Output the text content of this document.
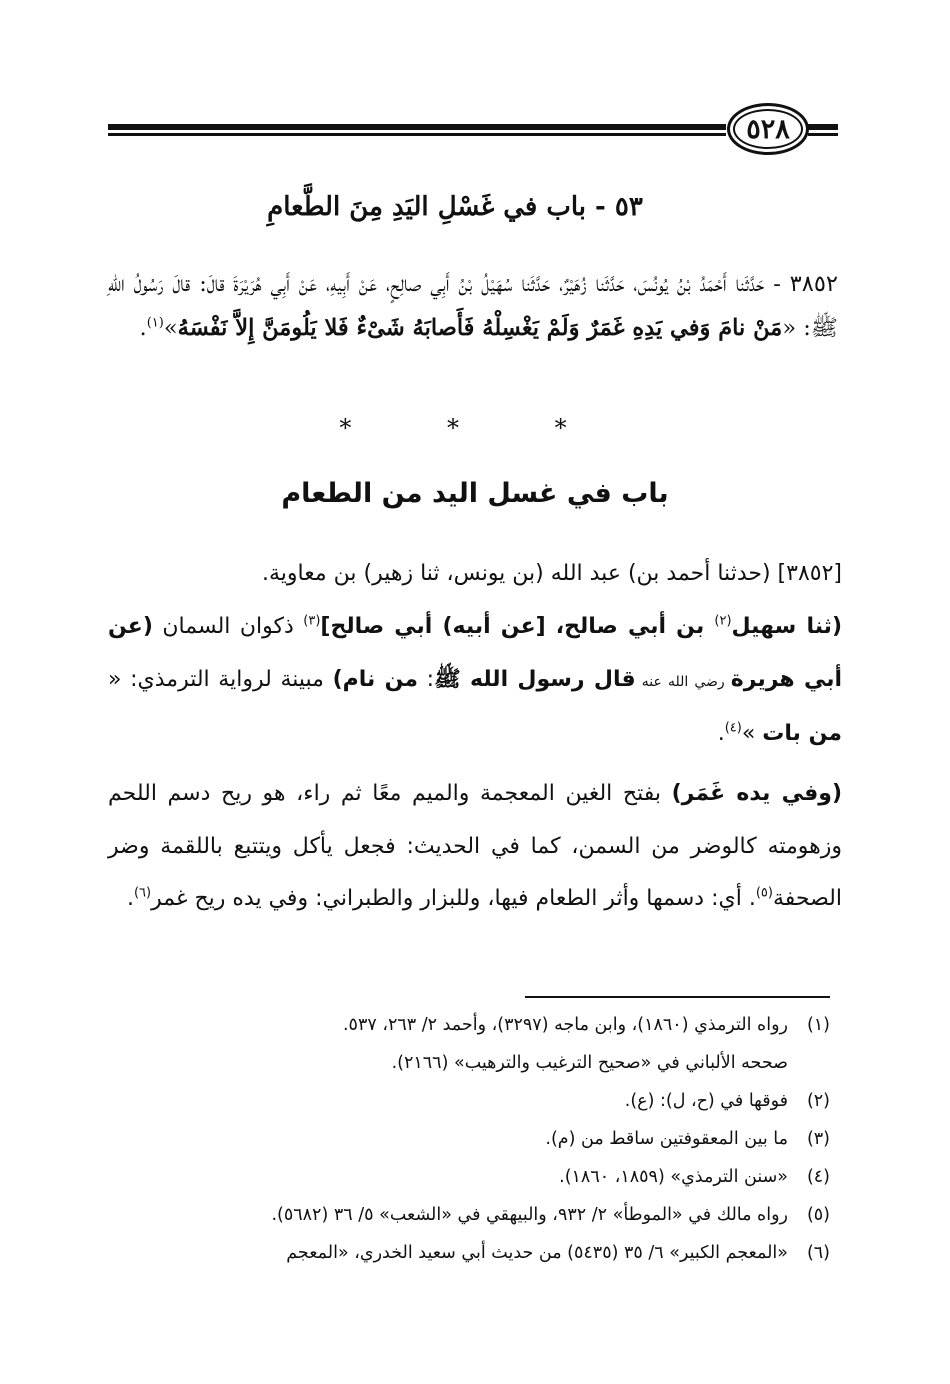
٥٢٨
٥٣ - باب في غَسْلِ اليَدِ مِنَ الطَّعامِ
٣٨٥٢ - حَدَّثَنا أَحْمَدُ بْنُ يُونُسَ، حَدَّثَنا زُهَيْرٌ، حَدَّثَنا سُهَيْلُ بْنُ أَبِي صالِحٍ، عَنْ أَبِيهِ، عَنْ أَبِي هُرَيْرَةَ قالَ: قالَ رَسُولُ اللهِ ﷺ: «مَنْ نامَ وَفي يَدِهِ غَمَرٌ وَلَمْ يَغْسِلْهُ فَأَصابَهُ شَىْءٌ فَلا يَلُومَنَّ إِلاَّ نَفْسَهُ»$^{(١)}$.
* * *
باب في غسل اليد من الطعام
[٣٨٥٢] (حدثنا أحمد بن) عبد الله (بن يونس، ثنا زهير) بن معاوية.
(ثنا سهيل$^{(٢)}$ بن أبي صالح، [عن أبيه) أبي صالح]$^{(٣)}$ ذكوان السمان (عن أبي هريرة رضي الله عنه قال رسول الله ﷺ: من نام) مبينة لرواية الترمذي: « من بات »$^{(٤)}$.
(وفي يده غَمَر) بفتح الغين المعجمة والميم معًا ثم راء، هو ريح دسم اللحم وزهومته كالوضر من السمن، كما في الحديث: فجعل يأكل ويتتبع باللقمة وضر الصحفة$^{(٥)}$. أي: دسمها وأثر الطعام فيها، وللبزار والطبراني: وفي يده ريح غمر$^{(٦)}$.
(١)
رواه الترمذي (١٨٦٠)، وابن ماجه (٣٢٩٧)، وأحمد ٢/ ٢٦٣، ٥٣٧.
صححه الألباني في «صحيح الترغيب والترهيب» (٢١٦٦).
(٢)
فوقها في (ح، ل): (ع).
(٣)
ما بين المعقوفتين ساقط من (م).
(٤)
«سنن الترمذي» (١٨٥٩، ١٨٦٠).
(٥)
رواه مالك في «الموطأ» ٢/ ٩٣٢، والبيهقي في «الشعب» ٥/ ٣٦ (٥٦٨٢).
(٦)
«المعجم الكبير» ٦/ ٣٥ (٥٤٣٥) من حديث أبي سعيد الخدري، «المعجم
